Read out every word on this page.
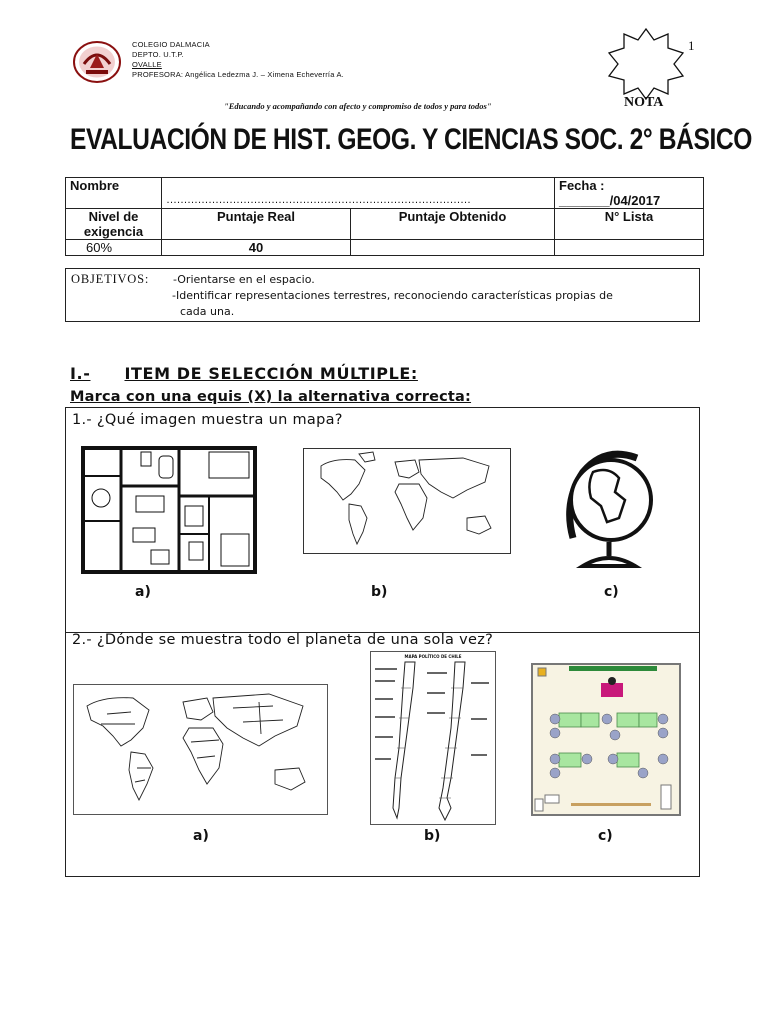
COLEGIO DALMACIA
DEPTO. U.T.P.
OVALLE
PROFESORA: Angélica Ledezma J. – Ximena Echeverría A.
"Educando y acompañando con afecto y compromiso de todos y para todos"
1
NOTA
EVALUACIÓN DE HIST. GEOG. Y CIENCIAS SOC. 2° BÁSICO
Nombre	……………………………………………………………………………		Fecha :
_______/04/2017

Nivel de exigencia	Puntaje Real	Puntaje Obtenido	N° Lista
60%	40		
OBJETIVOS: -Orientarse en el espacio.
-Identificar representaciones terrestres, reconociendo características propias de
cada una.
I.- ITEM DE SELECCIÓN MÚLTIPLE:
Marca con una equis (X) la alternativa correcta:
1.- ¿Qué imagen muestra un mapa?
a)	b)	c)
2.- ¿Dónde se muestra todo el planeta de una sola vez?
a)
MAPA POLÍTICO DE CHILE
b)	c)
